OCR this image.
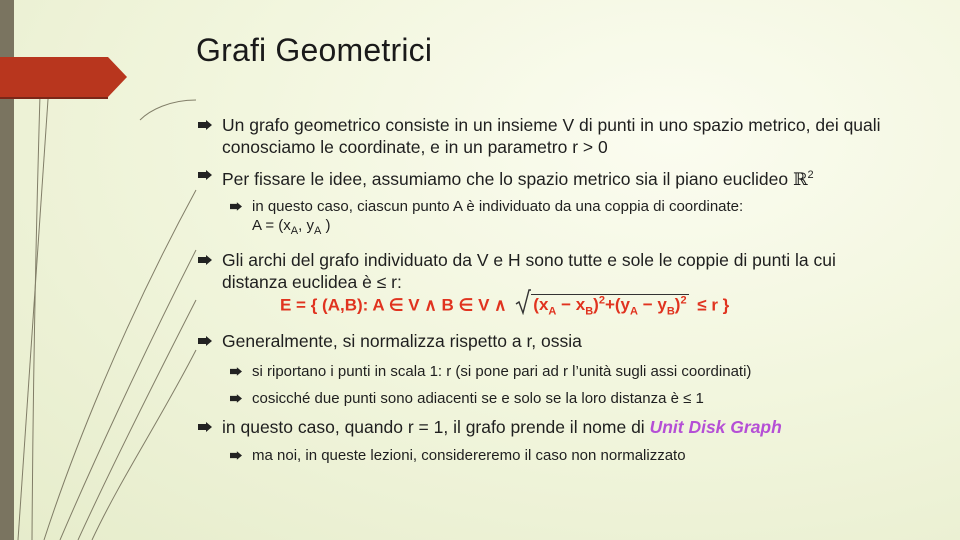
Grafi Geometrici
Un grafo geometrico consiste in un insieme V di punti in uno spazio metrico, dei quali conosciamo le coordinate, e in un parametro r > 0
Per fissare le idee, assumiamo che lo spazio metrico sia il piano euclideo ℝ$^2$
in questo caso, ciascun punto A è individuato da una coppia di coordinate:
$A = (x_A$, $y_A$ )
Gli archi del grafo individuato da V e H sono tutte e sole le coppie di punti la cui distanza euclidea è ≤ r:
E = { (A,B): A ∈ V ∧ B ∈ V ∧
$(x_A - x_B)^2+(y_A - y_B)^2 \le r$ }
Generalmente, si normalizza rispetto a r, ossia
si riportano i punti in scala 1: r (si pone pari ad r l’unità sugli assi coordinati)
cosicché due punti sono adiacenti se e solo se la loro distanza è ≤ 1
in questo caso, quando r = 1, il grafo prende il nome di Unit Disk Graph
ma noi, in queste lezioni, considereremo il caso non normalizzato
